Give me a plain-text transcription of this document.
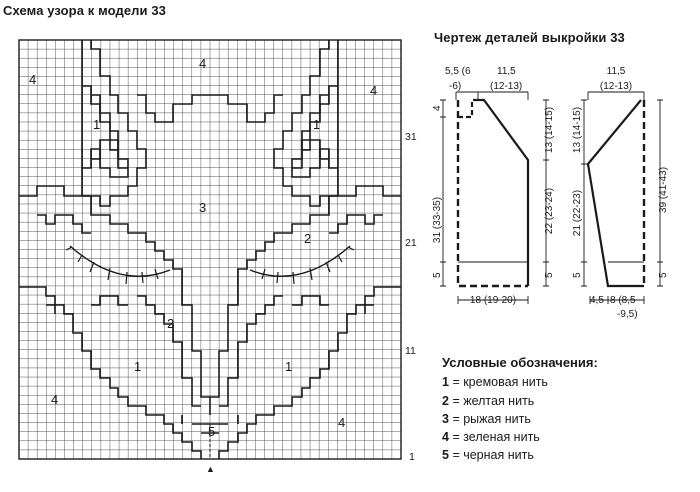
Схема узора к модели 33
Чертеж деталей выкройки 33
4
4
4
1	1
3
2
2
1	1
4
4
5
31
21
11
1
▲
5,5 (6
-6)
11,5
(12-13)
4
31 (33-35)
5
13 (14-15)
22 (23-24)
5
18 (19-20)
11,5
(12-13)
13 (14-15)
21 (22-23)
5
39 (41-43)
5
4,5 8 (8,5
-9,5)
Условные обозначения:
1 = кремовая нить
2 = желтая нить
3 = рыжая нить
4 = зеленая нить
5 = черная нить
